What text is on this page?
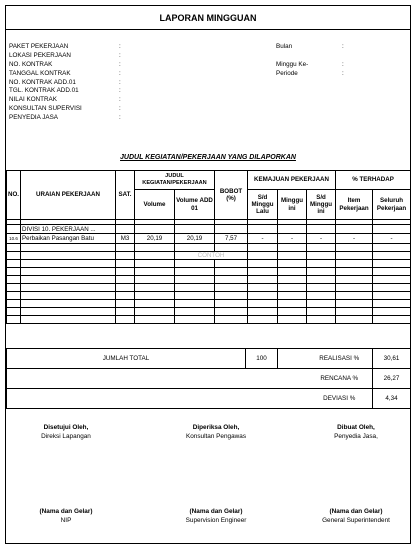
LAPORAN MINGGUAN
PAKET PEKERJAAN	:
LOKASI PEKERJAAN	:
NO. KONTRAK	:
TANGGAL KONTRAK	:
NO. KONTRAK ADD.01	:
TGL. KONTRAK ADD.01	:
NILAI KONTRAK	:
KONSULTAN SUPERVISI	:
PENYEDIA JASA	:
Bulan	:
Minggu Ke-	:
Periode	:
JUDUL KEGIATAN/PEKERJAAN YANG DILAPORKAN
NO.	URAIAN PEKERJAAN	SAT.	JUDUL KEGIATAN/PEKERJAAN		BOBOT (%)	KEMAJUAN PEKERJAAN			% TERHADAP	
			Volume	Volume ADD 01		S/d Minggu Lalu	Minggu ini	S/d Minggu ini	Item Pekerjaan	Seluruh Pekerjaan

	DIVISI 10. PEKERJAAN ...									
10.6	Perbaikan Pasangan Batu	M3	20,19	20,19	7,57	-	-	-	-	-

				CONTOH						

JUMLAH TOTAL	100		REALISASI %	30,61
			RENCANA %	26,27
			DEVIASI %	4,34
Disetujui Oleh,
Direksi Lapangan
Diperiksa Oleh,
Konsultan Pengawas
Dibuat Oleh,
Penyedia Jasa,
(Nama dan Gelar)
NIP
(Nama dan Gelar)
Supervision Engineer
(Nama dan Gelar)
General Superintendent
